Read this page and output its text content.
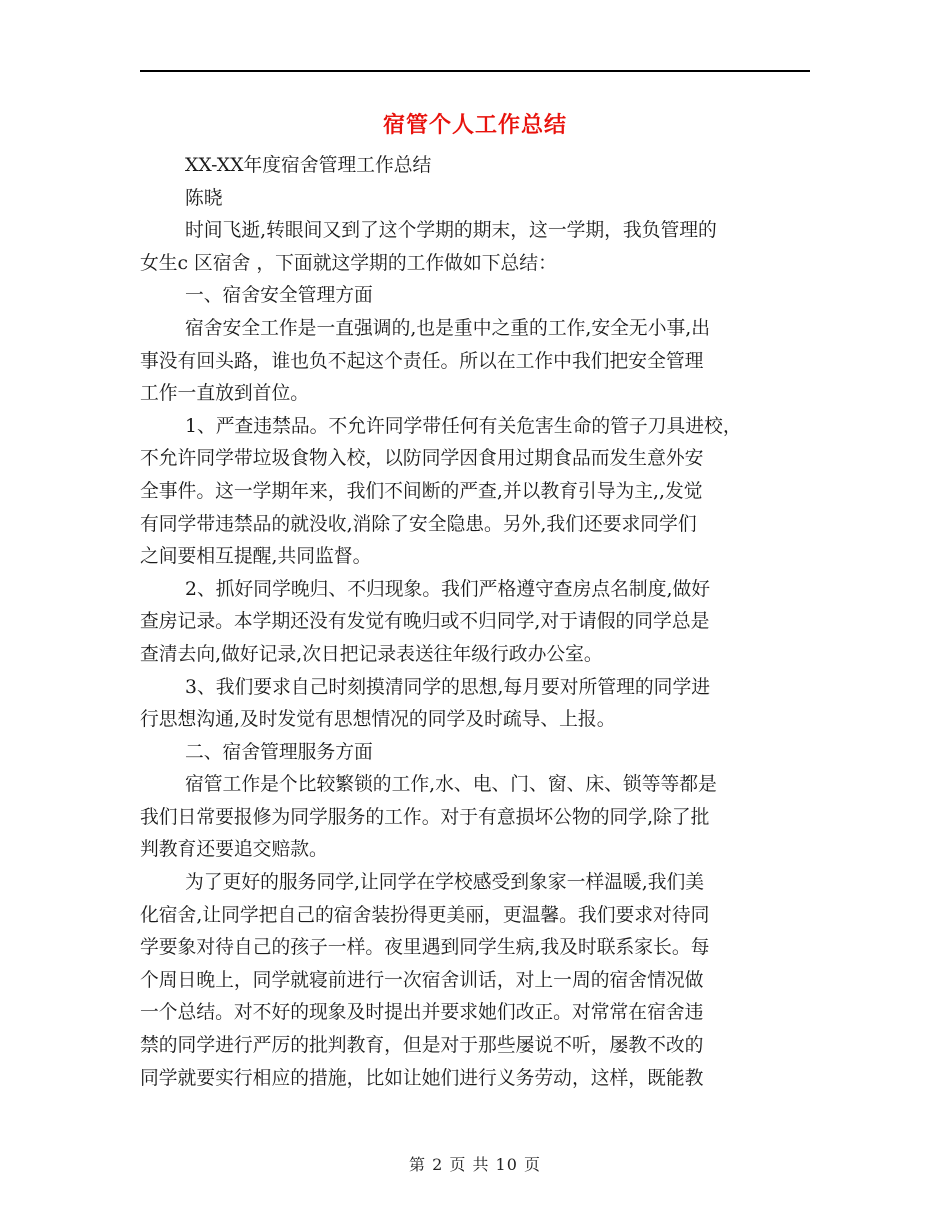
宿管个人工作总结
XX-XX年度宿舍管理工作总结
陈晓
时间飞逝,转眼间又到了这个学期的期末，这一学期，我负管理的
女生c 区宿舍 ，下面就这学期的工作做如下总结：
一、宿舍安全管理方面
宿舍安全工作是一直强调的,也是重中之重的工作,安全无小事,出
事没有回头路，谁也负不起这个责任。所以在工作中我们把安全管理
工作一直放到首位。
1、严查违禁品。不允许同学带任何有关危害生命的管子刀具进校，
不允许同学带垃圾食物入校，以防同学因食用过期食品而发生意外安
全事件。这一学期年来，我们不间断的严查,并以教育引导为主,,发觉
有同学带违禁品的就没收,消除了安全隐患。另外,我们还要求同学们
之间要相互提醒,共同监督。
2、抓好同学晚归、不归现象。我们严格遵守查房点名制度,做好
查房记录。本学期还没有发觉有晚归或不归同学,对于请假的同学总是
查清去向,做好记录,次日把记录表送往年级行政办公室。
3、我们要求自己时刻摸清同学的思想,每月要对所管理的同学进
行思想沟通,及时发觉有思想情况的同学及时疏导、上报。
二、宿舍管理服务方面
宿管工作是个比较繁锁的工作,水、电、门、窗、床、锁等等都是
我们日常要报修为同学服务的工作。对于有意损坏公物的同学,除了批
判教育还要追交赔款。
为了更好的服务同学,让同学在学校感受到象家一样温暖,我们美
化宿舍,让同学把自己的宿舍装扮得更美丽，更温馨。我们要求对待同
学要象对待自己的孩子一样。夜里遇到同学生病,我及时联系家长。每
个周日晚上，同学就寝前进行一次宿舍训话，对上一周的宿舍情况做
一个总结。对不好的现象及时提出并要求她们改正。对常常在宿舍违
禁的同学进行严厉的批判教育，但是对于那些屡说不听，屡教不改的
同学就要实行相应的措施，比如让她们进行义务劳动，这样，既能教
第 2 页 共 10 页
